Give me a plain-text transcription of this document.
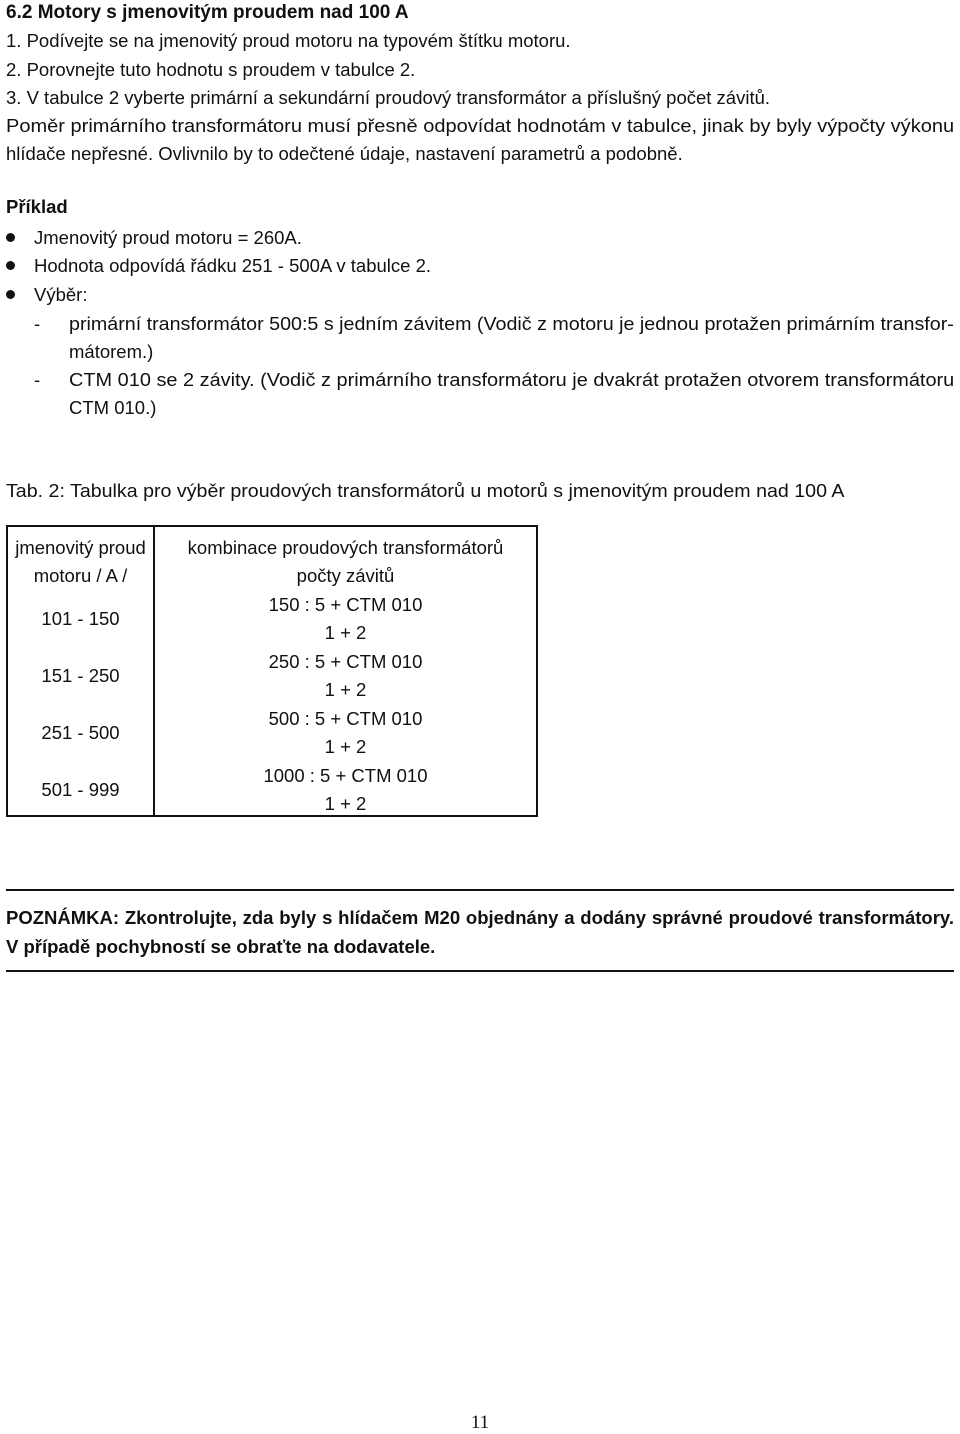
6.2 Motory s jmenovitým proudem nad 100 A
1. Podívejte se na jmenovitý proud motoru na typovém štítku motoru.
2. Porovnejte tuto hodnotu s proudem v tabulce 2.
3. V tabulce 2 vyberte primární a sekundární proudový transformátor a příslušný počet závitů.
Poměr primárního transformátoru musí přesně odpovídat hodnotám v tabulce, jinak by byly výpočty výkonu
hlídače nepřesné. Ovlivnilo by to odečtené údaje, nastavení parametrů a podobně.
Příklad
Jmenovitý proud motoru = 260A.
Hodnota odpovídá řádku 251 - 500A v tabulce 2.
Výběr:
- primární transformátor 500:5 s jedním závitem (Vodič z motoru je jednou protažen primárním transfor-
mátorem.)
- CTM 010 se 2 závity. (Vodič z primárního transformátoru je dvakrát protažen otvorem transformátoru
CTM 010.)
Tab. 2: Tabulka pro výběr proudových transformátorů u motorů s jmenovitým proudem nad 100 A
jmenovitý proud
motoru / A /
kombinace proudových transformátorů
počty závitů
101 - 150
150 : 5 + CTM 010
1 + 2
151 - 250
250 : 5 + CTM 010
1 + 2
251 - 500
500 : 5 + CTM 010
1 + 2
501 - 999
1000 : 5 + CTM 010
1 + 2
POZNÁMKA: Zkontrolujte, zda byly s hlídačem M20 objednány a dodány správné proudové transformátory. V případě pochybností se obraťte na dodavatele.
11
